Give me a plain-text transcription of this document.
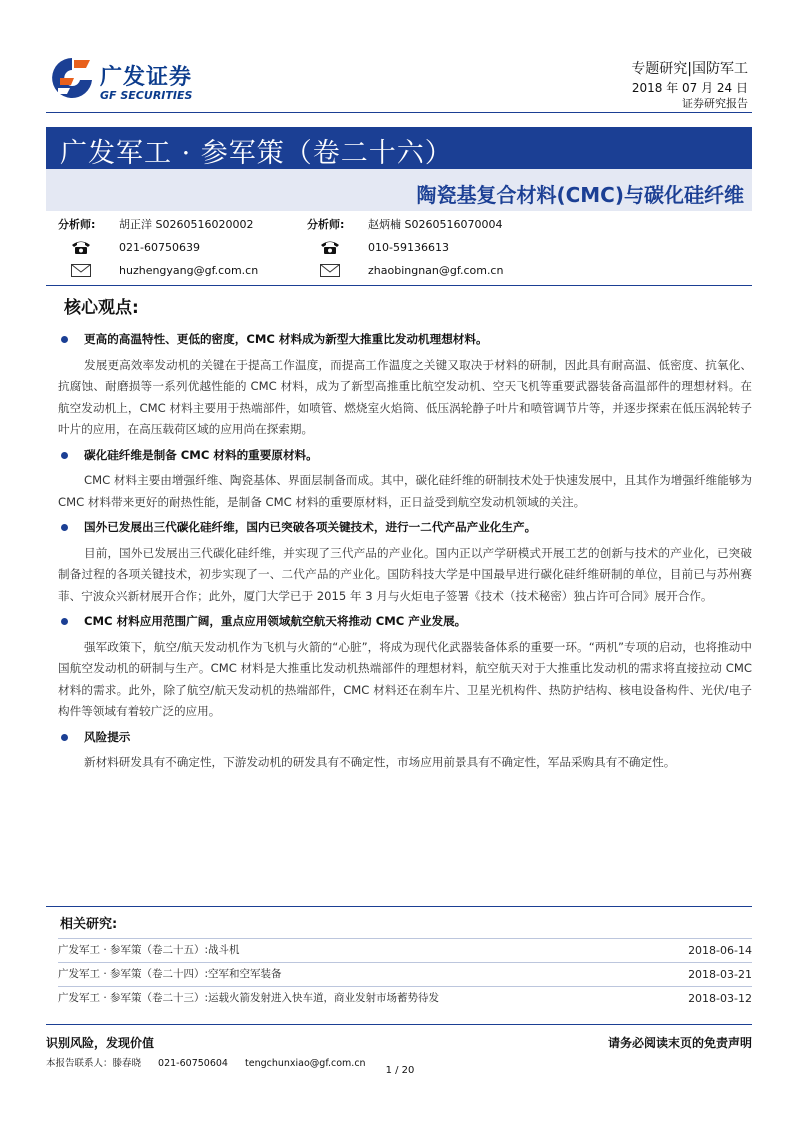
广发证券
GF SECURITIES
专题研究|国防军工
2018 年 07 月 24 日
证券研究报告
广发军工 · 参军策（卷二十六）
陶瓷基复合材料(CMC)与碳化硅纤维
分析师: 胡正洋 S0260516020002
021-60750639
huzhengyang@gf.com.cn
分析师: 赵炳楠 S0260516070004
010-59136613
zhaobingnan@gf.com.cn
核心观点:
更高的高温特性、更低的密度，CMC 材料成为新型大推重比发动机理想材料。
发展更高效率发动机的关键在于提高工作温度，而提高工作温度之关键又取决于材料的研制，因此具有耐高温、低密度、抗氧化、抗腐蚀、耐磨损等一系列优越性能的 CMC 材料，成为了新型高推重比航空发动机、空天飞机等重要武器装备高温部件的理想材料。在航空发动机上，CMC 材料主要用于热端部件，如喷管、燃烧室火焰筒、低压涡轮静子叶片和喷管调节片等，并逐步探索在低压涡轮转子叶片的应用，在高压载荷区域的应用尚在探索期。
碳化硅纤维是制备 CMC 材料的重要原材料。
CMC 材料主要由增强纤维、陶瓷基体、界面层制备而成。其中，碳化硅纤维的研制技术处于快速发展中，且其作为增强纤维能够为 CMC 材料带来更好的耐热性能，是制备 CMC 材料的重要原材料，正日益受到航空发动机领域的关注。
国外已发展出三代碳化硅纤维，国内已突破各项关键技术，进行一二代产品产业化生产。
目前，国外已发展出三代碳化硅纤维，并实现了三代产品的产业化。国内正以产学研模式开展工艺的创新与技术的产业化，已突破制备过程的各项关键技术，初步实现了一、二代产品的产业化。国防科技大学是中国最早进行碳化硅纤维研制的单位，目前已与苏州赛菲、宁波众兴新材展开合作；此外，厦门大学已于 2015 年 3 月与火炬电子签署《技术（技术秘密）独占许可合同》展开合作。
CMC 材料应用范围广阔，重点应用领域航空航天将推动 CMC 产业发展。
强军政策下，航空/航天发动机作为飞机与火箭的“心脏”，将成为现代化武器装备体系的重要一环。“两机”专项的启动，也将推动中国航空发动机的研制与生产。CMC 材料是大推重比发动机热端部件的理想材料，航空航天对于大推重比发动机的需求将直接拉动 CMC 材料的需求。此外，除了航空/航天发动机的热端部件，CMC 材料还在刹车片、卫星光机构件、热防护结构、核电设备构件、光伏/电子构件等领域有着较广泛的应用。
风险提示
新材料研发具有不确定性，下游发动机的研发具有不确定性，市场应用前景具有不确定性，军品采购具有不确定性。
相关研究:
广发军工 · 参军策（卷二十五）:战斗机	2018-06-14
广发军工 · 参军策（卷二十四）:空军和空军装备	2018-03-21
广发军工 · 参军策（卷二十三）:运载火箭发射进入快车道，商业发射市场蓄势待发	2018-03-12
识别风险，发现价值
本报告联系人：滕春晓 021-60750604 tengchunxiao@gf.com.cn
请务必阅读末页的免责声明
1 / 20
